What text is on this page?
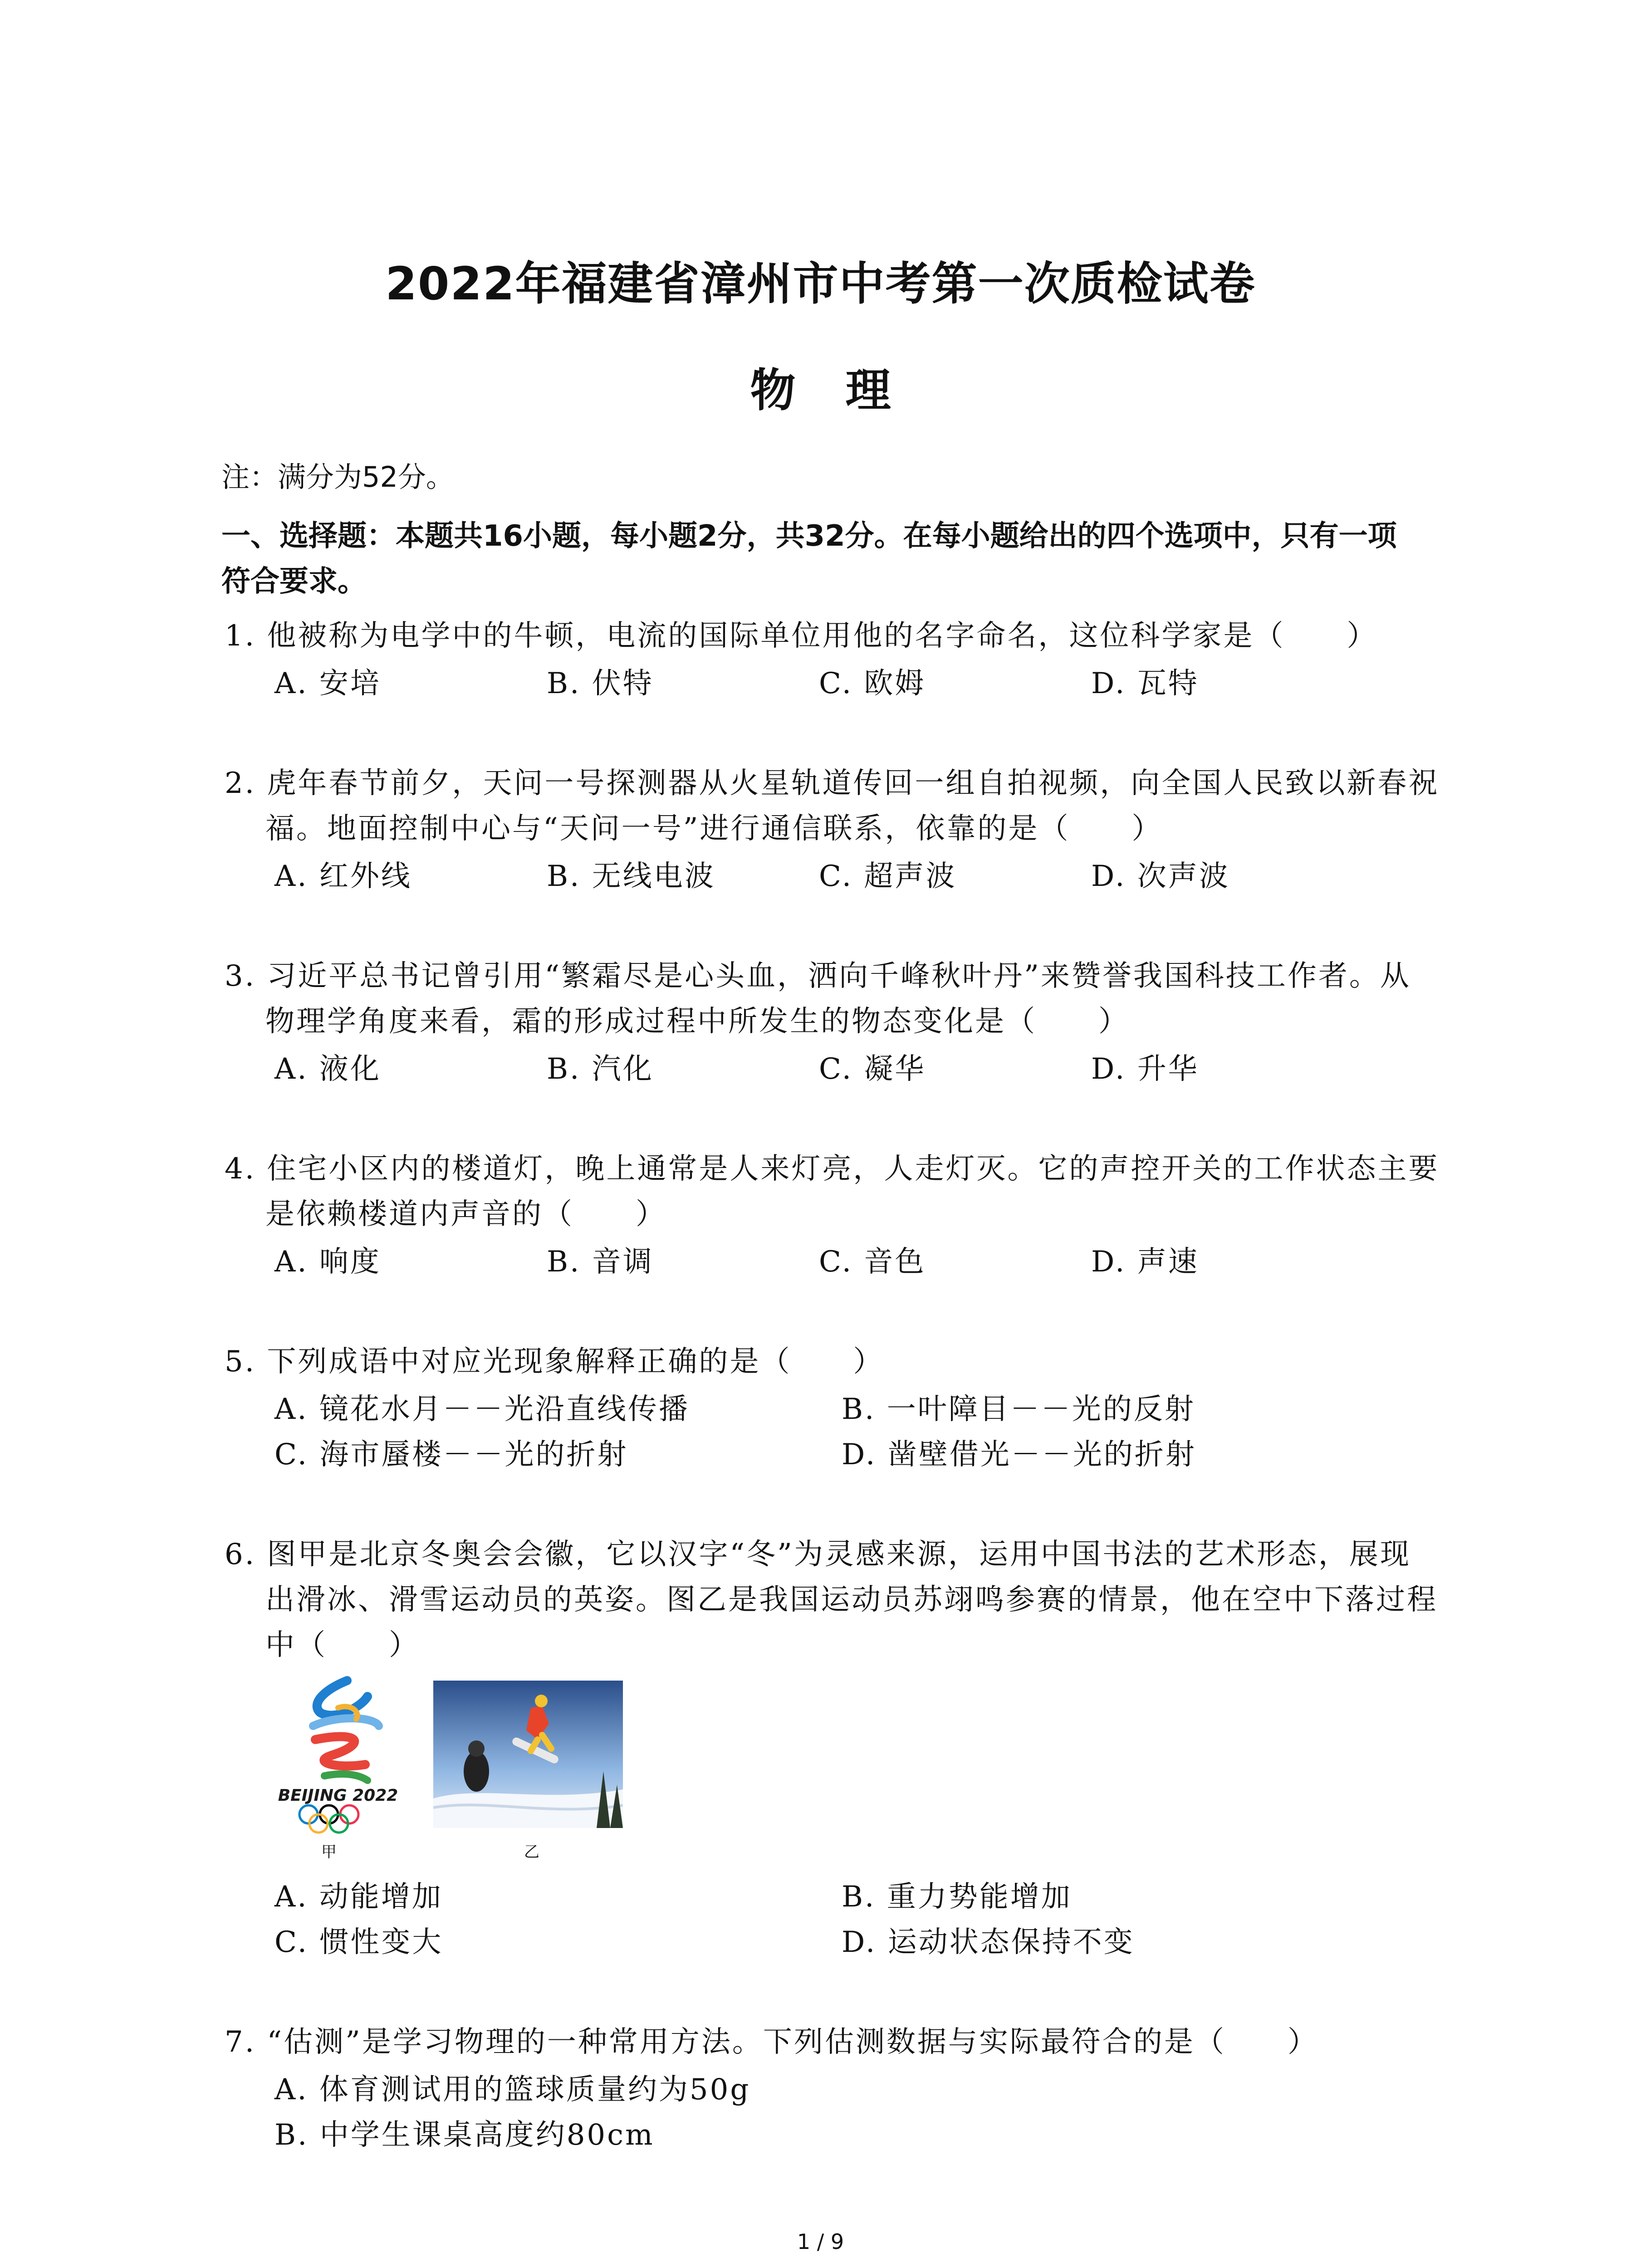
2022年福建省漳州市中考第一次质检试卷
物理
注：满分为52分。
一、选择题：本题共16小题，每小题2分，共32分。在每小题给出的四个选项中，只有一项
符合要求。
1. 他被称为电学中的牛顿，电流的国际单位用他的名字命名，这位科学家是（　　）
A. 安培	B. 伏特	C. 欧姆	D. 瓦特
2. 虎年春节前夕，天问一号探测器从火星轨道传回一组自拍视频，向全国人民致以新春祝
福。地面控制中心与“天问一号”进行通信联系，依靠的是（　　）
A. 红外线	B. 无线电波	C. 超声波	D. 次声波
3. 习近平总书记曾引用“繁霜尽是心头血，洒向千峰秋叶丹”来赞誉我国科技工作者。从
物理学角度来看，霜的形成过程中所发生的物态变化是（　　）
A. 液化	B. 汽化	C. 凝华	D. 升华
4. 住宅小区内的楼道灯，晚上通常是人来灯亮，人走灯灭。它的声控开关的工作状态主要
是依赖楼道内声音的（　　）
A. 响度	B. 音调	C. 音色	D. 声速
5. 下列成语中对应光现象解释正确的是（　　）
A. 镜花水月－－光沿直线传播	B. 一叶障目－－光的反射
C. 海市蜃楼－－光的折射	D. 凿壁借光－－光的折射
6. 图甲是北京冬奥会会徽，它以汉字“冬”为灵感来源，运用中国书法的艺术形态，展现
出滑冰、滑雪运动员的英姿。图乙是我国运动员苏翊鸣参赛的情景，他在空中下落过程
中（　　）
BEIJING 2022
甲	乙
A. 动能增加	B. 重力势能增加
C. 惯性变大	D. 运动状态保持不变
7. “估测”是学习物理的一种常用方法。下列估测数据与实际最符合的是（　　）
A. 体育测试用的篮球质量约为50g
B. 中学生课桌高度约80cm
1 / 9
